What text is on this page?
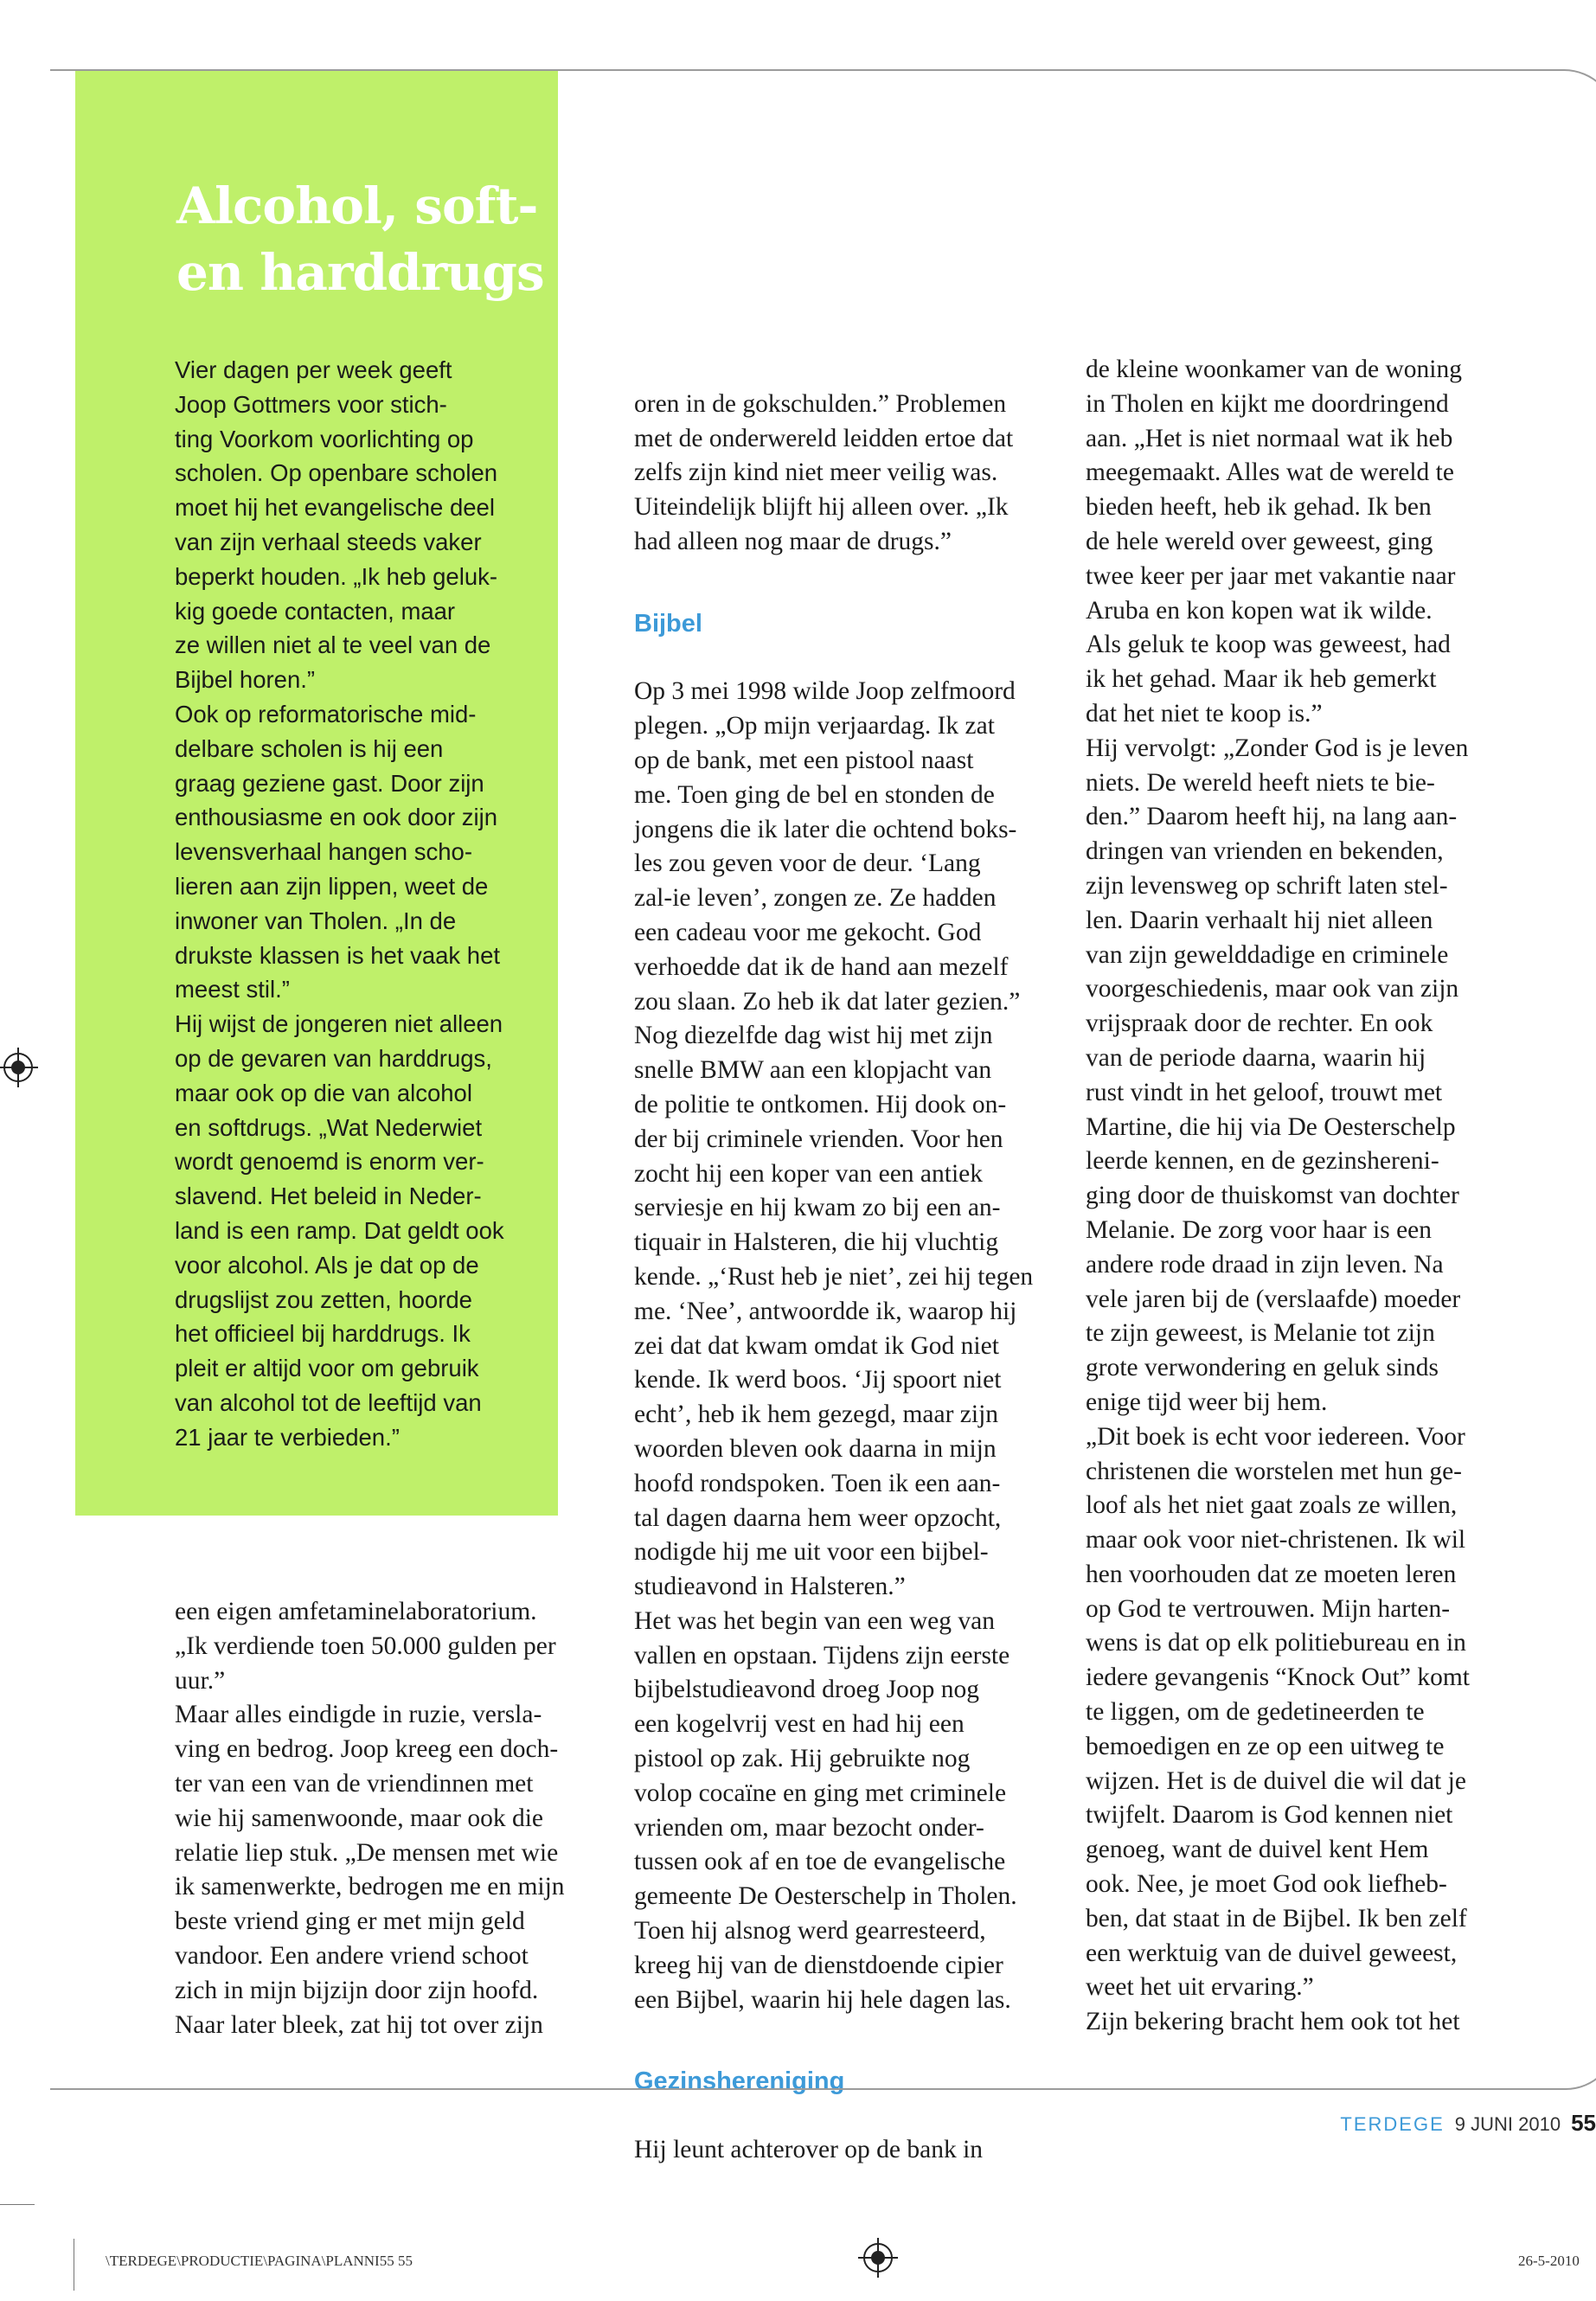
Alcohol, soft-
en harddrugs

Vier dagen per week geeft
Joop Gottmers voor stich-
ting Voorkom voorlichting op
scholen. Op openbare scholen
moet hij het evangelische deel
van zijn verhaal steeds vaker
beperkt houden. „Ik heb geluk-
kig goede contacten, maar
ze willen niet al te veel van de
Bijbel horen.”
Ook op reformatorische mid-
delbare scholen is hij een
graag geziene gast. Door zijn
enthousiasme en ook door zijn
levensverhaal hangen scho-
lieren aan zijn lippen, weet de
inwoner van Tholen. „In de
drukste klassen is het vaak het
meest stil.”
Hij wijst de jongeren niet alleen
op de gevaren van harddrugs,
maar ook op die van alcohol
en softdrugs. „Wat Nederwiet
wordt genoemd is enorm ver-
slavend. Het beleid in Neder-
land is een ramp. Dat geldt ook
voor alcohol. Als je dat op de
drugslijst zou zetten, hoorde
het officieel bij harddrugs. Ik
pleit er altijd voor om gebruik
van alcohol tot de leeftijd van
21 jaar te verbieden.”

een eigen amfetaminelaboratorium.
„Ik verdiende toen 50.000 gulden per
uur.”
Maar alles eindigde in ruzie, versla-
ving en bedrog. Joop kreeg een doch-
ter van een van de vriendinnen met
wie hij samenwoonde, maar ook die
relatie liep stuk. „De mensen met wie
ik samenwerkte, bedrogen me en mijn
beste vriend ging er met mijn geld
vandoor. Een andere vriend schoot
zich in mijn bijzijn door zijn hoofd.
Naar later bleek, zat hij tot over zijn

oren in de gokschulden.” Problemen
met de onderwereld leidden ertoe dat
zelfs zijn kind niet meer veilig was.
Uiteindelijk blijft hij alleen over. „Ik
had alleen nog maar de drugs.”

Bijbel

Op 3 mei 1998 wilde Joop zelfmoord
plegen. „Op mijn verjaardag. Ik zat
op de bank, met een pistool naast
me. Toen ging de bel en stonden de
jongens die ik later die ochtend boks-
les zou geven voor de deur. ‘Lang
zal-ie leven’, zongen ze. Ze hadden
een cadeau voor me gekocht. God
verhoedde dat ik de hand aan mezelf
zou slaan. Zo heb ik dat later gezien.”
Nog diezelfde dag wist hij met zijn
snelle BMW aan een klopjacht van
de politie te ontkomen. Hij dook on-
der bij criminele vrienden. Voor hen
zocht hij een koper van een antiek
serviesje en hij kwam zo bij een an-
tiquair in Halsteren, die hij vluchtig
kende. „‘Rust heb je niet’, zei hij tegen
me. ‘Nee’, antwoordde ik, waarop hij
zei dat dat kwam omdat ik God niet
kende. Ik werd boos. ‘Jij spoort niet
echt’, heb ik hem gezegd, maar zijn
woorden bleven ook daarna in mijn
hoofd rondspoken. Toen ik een aan-
tal dagen daarna hem weer opzocht,
nodigde hij me uit voor een bijbel-
studieavond in Halsteren.”
Het was het begin van een weg van
vallen en opstaan. Tijdens zijn eerste
bijbelstudieavond droeg Joop nog
een kogelvrij vest en had hij een
pistool op zak. Hij gebruikte nog
volop cocaïne en ging met criminele
vrienden om, maar bezocht onder-
tussen ook af en toe de evangelische
gemeente De Oesterschelp in Tholen.
Toen hij alsnog werd gearresteerd,
kreeg hij van de dienstdoende cipier
een Bijbel, waarin hij hele dagen las.

Gezinshereniging

Hij leunt achterover op de bank in

de kleine woonkamer van de woning
in Tholen en kijkt me doordringend
aan. „Het is niet normaal wat ik heb
meegemaakt. Alles wat de wereld te
bieden heeft, heb ik gehad. Ik ben
de hele wereld over geweest, ging
twee keer per jaar met vakantie naar
Aruba en kon kopen wat ik wilde.
Als geluk te koop was geweest, had
ik het gehad. Maar ik heb gemerkt
dat het niet te koop is.”
Hij vervolgt: „Zonder God is je leven
niets. De wereld heeft niets te bie-
den.” Daarom heeft hij, na lang aan-
dringen van vrienden en bekenden,
zijn levensweg op schrift laten stel-
len. Daarin verhaalt hij niet alleen
van zijn gewelddadige en criminele
voorgeschiedenis, maar ook van zijn
vrijspraak door de rechter. En ook
van de periode daarna, waarin hij
rust vindt in het geloof, trouwt met
Martine, die hij via De Oesterschelp
leerde kennen, en de gezinshereni-
ging door de thuiskomst van dochter
Melanie. De zorg voor haar is een
andere rode draad in zijn leven. Na
vele jaren bij de (verslaafde) moeder
te zijn geweest, is Melanie tot zijn
grote verwondering en geluk sinds
enige tijd weer bij hem.
„Dit boek is echt voor iedereen. Voor
christenen die worstelen met hun ge-
loof als het niet gaat zoals ze willen,
maar ook voor niet-christenen. Ik wil
hen voorhouden dat ze moeten leren
op God te vertrouwen. Mijn harten-
wens is dat op elk politiebureau en in
iedere gevangenis “Knock Out” komt
te liggen, om de gedetineerden te
bemoedigen en ze op een uitweg te
wijzen. Het is de duivel die wil dat je
twijfelt. Daarom is God kennen niet
genoeg, want de duivel kent Hem
ook. Nee, je moet God ook liefheb-
ben, dat staat in de Bijbel. Ik ben zelf
een werktuig van de duivel geweest,
weet het uit ervaring.”
Zijn bekering bracht hem ook tot het
TERDEGE 9 JUNI 2010 55
\TERDEGE\PRODUCTIE\PAGINA\PLANNI55 55	26-5-2010
